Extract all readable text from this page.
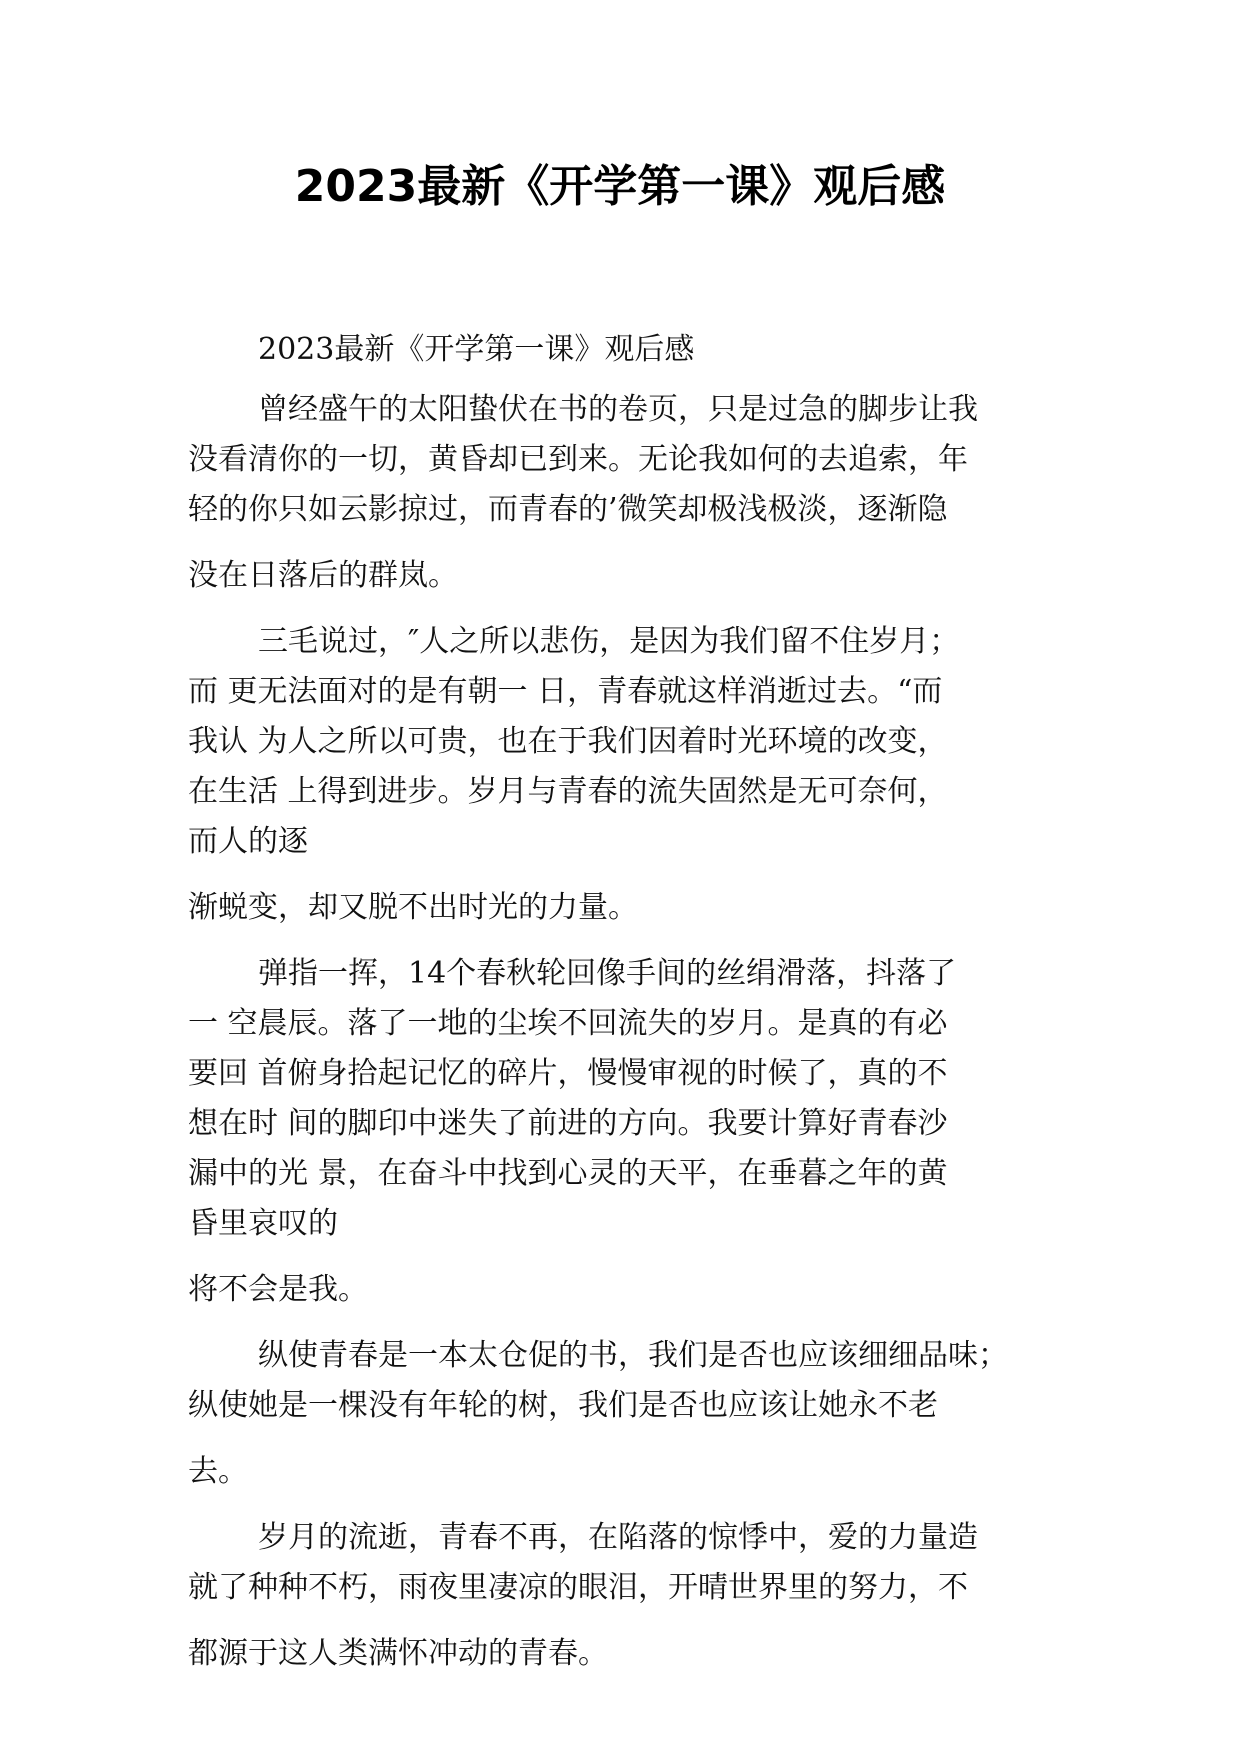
2023最新《开学第一课》观后感

2023最新《开学第一课》观后感

曾经盛午的太阳蛰伏在书的卷页，只是过急的脚步让我

没看清你的一切，黄昏却已到来。无论我如何的去追索，年

轻的你只如云影掠过，而青春的’微笑却极浅极淡，逐渐隐

没在日落后的群岚。

三毛说过，″人之所以悲伤，是因为我们留不住岁月；

而 更无法面对的是有朝一 日，青春就这样消逝过去。“而

我认 为人之所以可贵，也在于我们因着时光环境的改变，

在生活 上得到进步。岁月与青春的流失固然是无可奈何，

而人的逐

渐蜕变，却又脱不出时光的力量。

弹指一挥，14个春秋轮回像手间的丝绢滑落，抖落了

一 空晨辰。落了一地的尘埃不回流失的岁月。是真的有必

要回 首俯身拾起记忆的碎片，慢慢审视的时候了，真的不

想在时 间的脚印中迷失了前进的方向。我要计算好青春沙

漏中的光 景，在奋斗中找到心灵的天平，在垂暮之年的黄

昏里哀叹的

将不会是我。

纵使青春是一本太仓促的书，我们是否也应该细细品味；

纵使她是一棵没有年轮的树，我们是否也应该让她永不老

去。

岁月的流逝，青春不再，在陷落的惊悸中，爱的力量造

就了种种不朽，雨夜里凄凉的眼泪，开晴世界里的努力，不

都源于这人类满怀冲动的青春。
